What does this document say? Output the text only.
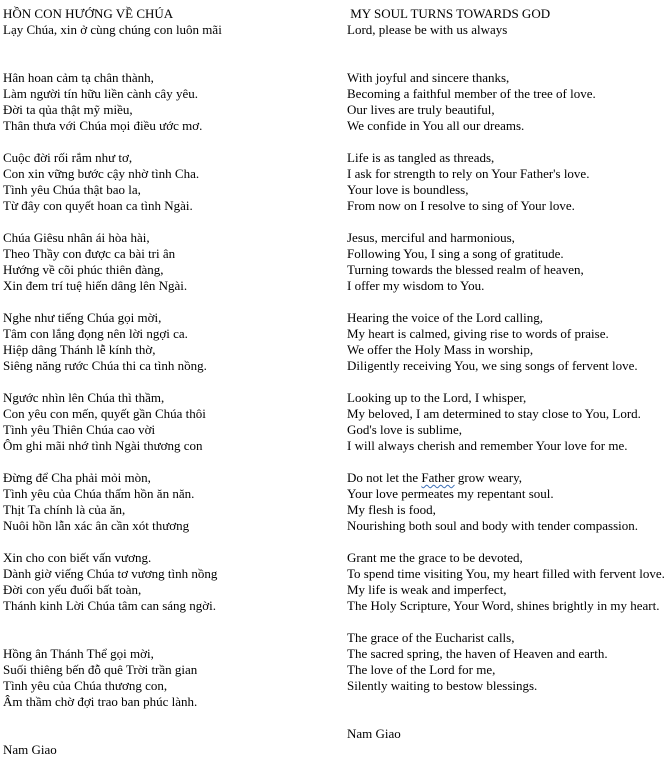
HỒN CON HƯỚNG VỀ CHÚA

Lạy Chúa, xin ở cùng chúng con luôn mãi

Hân hoan cảm tạ chân thành,
Làm người tín hữu liền cành cây yêu.
Đời ta qủa thật mỹ miều,
Thân thưa với Chúa mọi điều ước mơ.
Cuộc đời rối rắm như tơ,
Con xin vững bước cậy nhờ tình Cha.
Tình yêu Chúa thật bao la,
Từ đây con quyết hoan ca tình Ngài.
Chúa Giêsu nhân ái hòa hài,
Theo Thầy con được ca bài tri ân
Hướng về cõi phúc thiên đàng,
Xin đem trí tuệ hiến dâng lên Ngài.
Nghe như tiếng Chúa gọi mời,
Tâm con lắng đọng nên lời ngợi ca.
Hiệp dâng Thánh lễ kính thờ,
Siêng năng rước Chúa thi ca tình nồng.
Ngước nhìn lên Chúa thì thầm,
Con yêu con mến, quyết gần Chúa thôi
Tình yêu Thiên Chúa cao vời
Ôm ghi mãi nhớ tình Ngài thương con
Đừng để Cha phải mỏi mòn,
Tình yêu của Chúa thấm hồn ăn năn.
Thịt Ta chính là của ăn,
Nuôi hồn lẫn xác ân cần xót thương
Xin cho con biết vấn vương.
Dành giờ viếng Chúa tơ vương tình nồng
Đời con yếu đuối bất toàn,
Thánh kinh Lời Chúa tâm can sáng ngời.
Hồng ân Thánh Thể gọi mời,
Suối thiêng bến đỗ quê Trời trần gian
Tình yêu của Chúa thương con,
Âm thầm chờ đợi trao ban phúc lành.

Nam Giao

MY SOUL TURNS TOWARDS GOD

Lord, please be with us always

With joyful and sincere thanks,
Becoming a faithful member of the tree of love.
Our lives are truly beautiful,
We confide in You all our dreams.
Life is as tangled as threads,
I ask for strength to rely on Your Father's love.
Your love is boundless,
From now on I resolve to sing of Your love.
Jesus, merciful and harmonious,
Following You, I sing a song of gratitude.
Turning towards the blessed realm of heaven,
I offer my wisdom to You.
Hearing the voice of the Lord calling,
My heart is calmed, giving rise to words of praise.
We offer the Holy Mass in worship,
Diligently receiving You, we sing songs of fervent love.
Looking up to the Lord, I whisper,
My beloved, I am determined to stay close to You, Lord.
God's love is sublime,
I will always cherish and remember Your love for me.
Do not let the Father grow weary,
Your love permeates my repentant soul.
My flesh is food,
Nourishing both soul and body with tender compassion.
Grant me the grace to be devoted,
To spend time visiting You, my heart filled with fervent love.
My life is weak and imperfect,
The Holy Scripture, Your Word, shines brightly in my heart.
The grace of the Eucharist calls,
The sacred spring, the haven of Heaven and earth.
The love of the Lord for me,
Silently waiting to bestow blessings.

Nam Giao
